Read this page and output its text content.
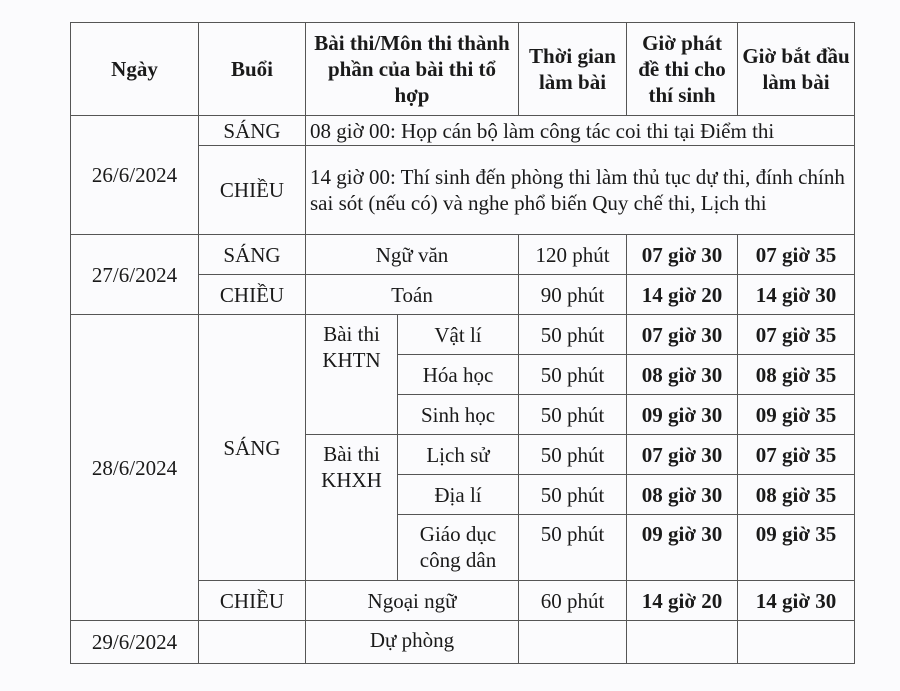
Ngày	Buổi	Bài thi/Môn thi thành phần của bài thi tổ hợp		Thời gian làm bài	Giờ phát đề thi cho thí sinh	Giờ bắt đầu làm bài
26/6/2024	SÁNG	08 giờ 00: Họp cán bộ làm công tác coi thi tại Điểm thi				
	CHIỀU	14 giờ 00: Thí sinh đến phòng thi làm thủ tục dự thi, đính chính sai sót (nếu có) và nghe phổ biến Quy chế thi, Lịch thi				
27/6/2024	SÁNG	Ngữ văn		120 phút	07 giờ 30	07 giờ 35
	CHIỀU	Toán		90 phút	14 giờ 20	14 giờ 30
28/6/2024	SÁNG	Bài thi KHTN	Vật lí	50 phút	07 giờ 30	07 giờ 35
			Hóa học	50 phút	08 giờ 30	08 giờ 35
			Sinh học	50 phút	09 giờ 30	09 giờ 35
		Bài thi KHXH	Lịch sử	50 phút	07 giờ 30	07 giờ 35
			Địa lí	50 phút	08 giờ 30	08 giờ 35
			Giáo dục công dân	50 phút	09 giờ 30	09 giờ 35
	CHIỀU	Ngoại ngữ		60 phút	14 giờ 20	14 giờ 30
29/6/2024		Dự phòng				
